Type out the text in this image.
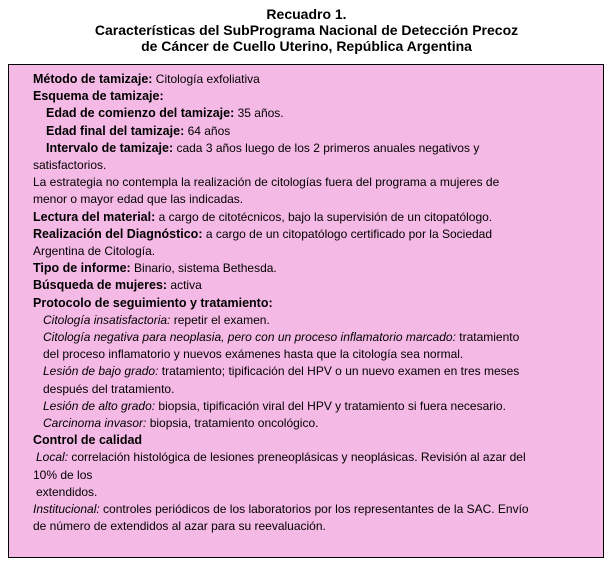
Recuadro 1.
Características del SubPrograma Nacional de Detección Precoz
de Cáncer de Cuello Uterino, República Argentina
Método de tamizaje: Citología exfoliativa
Esquema de tamizaje:
Edad de comienzo del tamizaje: 35 años.
Edad final del tamizaje: 64 años
Intervalo de tamizaje: cada 3 años luego de los 2 primeros anuales negativos y
satisfactorios.
La estrategia no contempla la realización de citologías fuera del programa a mujeres de
menor o mayor edad que las indicadas.
Lectura del material: a cargo de citotécnicos, bajo la supervisión de un citopatólogo.
Realización del Diagnóstico: a cargo de un citopatólogo certificado por la Sociedad
Argentina de Citología.
Tipo de informe: Binario, sistema Bethesda.
Búsqueda de mujeres: activa
Protocolo de seguimiento y tratamiento:
Citología insatisfactoria: repetir el examen.
Citología negativa para neoplasia, pero con un proceso inflamatorio marcado: tratamiento
del proceso inflamatorio y nuevos exámenes hasta que la citología sea normal.
Lesión de bajo grado: tratamiento; tipificación del HPV o un nuevo examen en tres meses
después del tratamiento.
Lesión de alto grado: biopsia, tipificación viral del HPV y tratamiento si fuera necesario.
Carcinoma invasor: biopsia, tratamiento oncológico.
Control de calidad
Local: correlación histológica de lesiones preneoplásicas y neoplásicas. Revisión al azar del
10% de los
extendidos.
Institucional: controles periódicos de los laboratorios por los representantes de la SAC. Envío
de número de extendidos al azar para su reevaluación.
